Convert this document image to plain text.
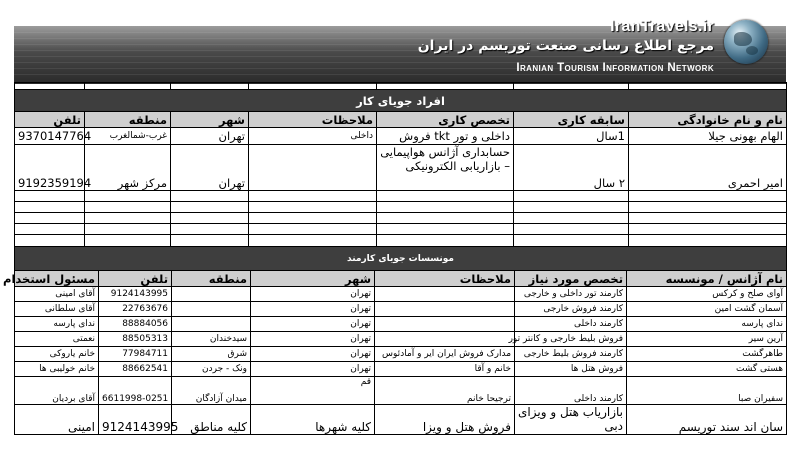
IranTravels.ir
مرجع اطلاع رسانی صنعت توریسم در ایران
Iranian Tourism Information Network

افراد جویای کار						
نام و نام خانوادگی	سابقه کاری	تخصص کاری	ملاحظات	شهر	منطقه	تلفن
الهام بهونی جیلا	1سال	داخلی و تور tkt فروش	داخلی	تهران	غرب-شمالغرب	9370147764
امیر احمری	۲ سال	حسابداری آژانس هواپیمایی – بازاریابی الکترونیکی		تهران	مرکز شهر	9192359194

مونسسات جویای کارمند						
نام آژانس / مونسسه	تخصص مورد نیاز	ملاحظات	شهر	منطقه	تلفن	مسئول استخدام
آوای صلح و کرکس	کارمند تور داخلی و خارجی		تهران		9124143995	آقای امینی
آسمان گشت امین	کارمند فروش خارجی		تهران		22763676	آقای سلطانی
ندای پارسه	کارمند داخلی		تهران		88884056	ندای پارسه
آرین سیر	فروش بلیط خارجی و کانتر تور		تهران	سیدخندان	88505313	نعمتی
طاهرگشت	کارمند فروش بلیط خارجی	مدارک فروش ایران ایر و آمادئوس	تهران	شرق	77984711	خانم یاروکی
هستی گشت	فروش هتل ها	خانم و آقا	تهران	ونک - جردن	88662541	خانم خولیبی ها
سفیران صبا	کارمند داخلی	ترجیحا خانم	قم	میدان آزادگان	6611998-0251	آقای بردیان
سان اند سند توریسم	بازاریاب هتل و ویزای دبی	فروش هتل و ویزا	کلیه شهرها	کلیه مناطق	9124143995	امینی
